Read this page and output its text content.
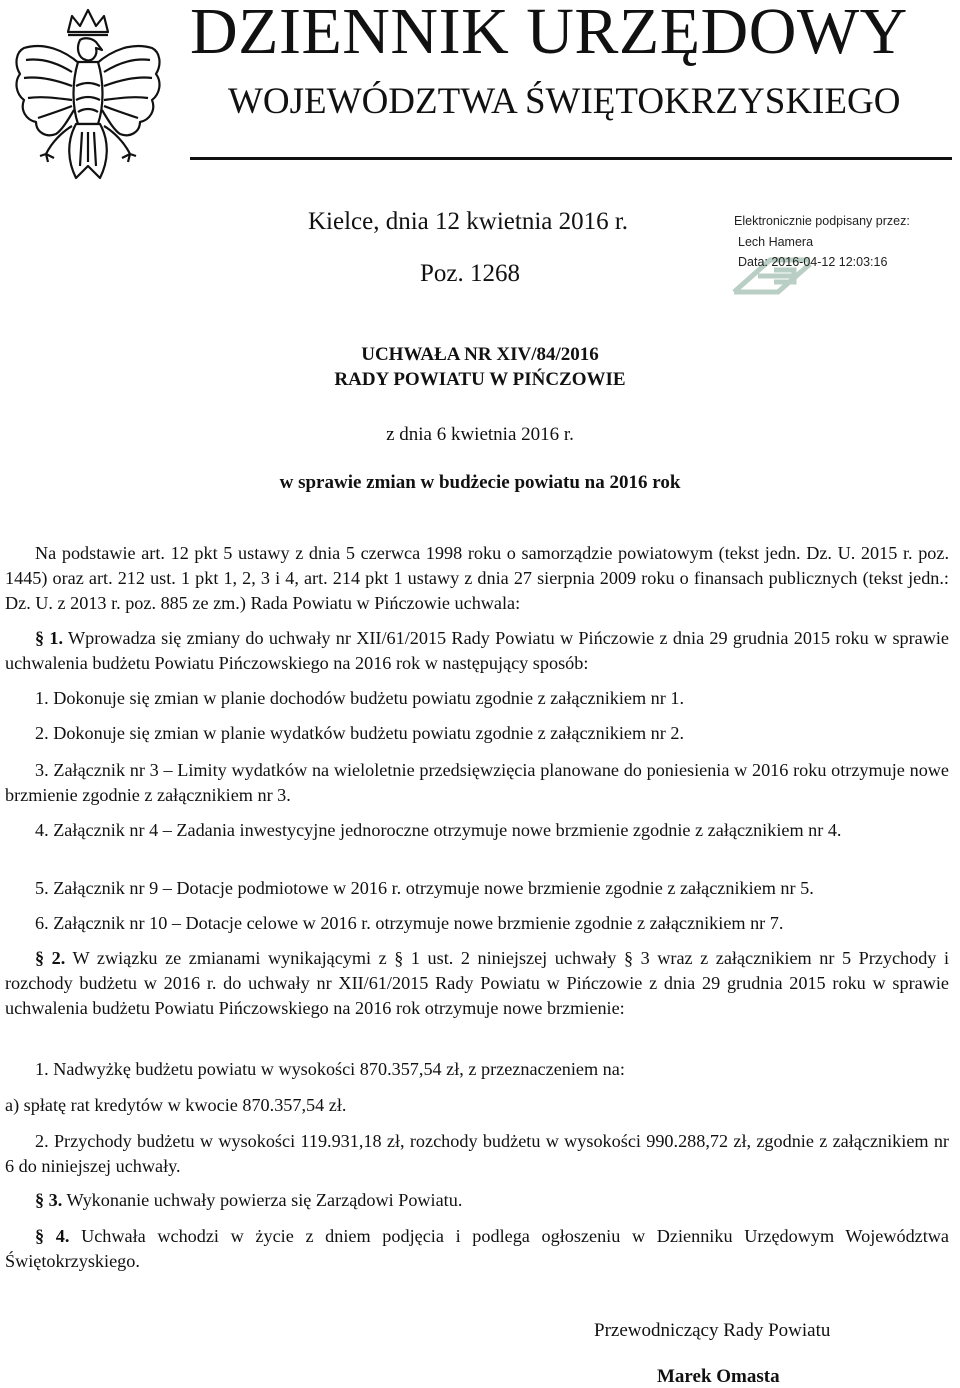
DZIENNIK URZĘDOWY
WOJEWÓDZTWA ŚWIĘTOKRZYSKIEGO
Kielce, dnia 12 kwietnia 2016 r.
Poz. 1268
Elektronicznie podpisany przez:
Lech Hamera
Data: 2016-04-12 12:03:16
UCHWAŁA NR XIV/84/2016
RADY POWIATU W PIŃCZOWIE
z dnia 6 kwietnia 2016 r.
w sprawie zmian w budżecie powiatu na 2016 rok
Na podstawie art. 12 pkt 5 ustawy z dnia 5 czerwca 1998 roku o samorządzie powiatowym (tekst jedn. Dz. U. 2015 r. poz. 1445) oraz art. 212 ust. 1 pkt 1, 2, 3 i 4, art. 214 pkt 1 ustawy z dnia 27 sierpnia 2009 roku o finansach publicznych (tekst jedn.: Dz. U. z 2013 r. poz. 885 ze zm.) Rada Powiatu w Pińczowie uchwala:
§ 1. Wprowadza się zmiany do uchwały nr XII/61/2015 Rady Powiatu w Pińczowie z dnia 29 grudnia 2015 roku w sprawie uchwalenia budżetu Powiatu Pińczowskiego na 2016 rok w następujący sposób:
1. Dokonuje się zmian w planie dochodów budżetu powiatu zgodnie z załącznikiem nr 1.
2. Dokonuje się zmian w planie wydatków budżetu powiatu zgodnie z załącznikiem nr 2.
3. Załącznik nr 3 – Limity wydatków na wieloletnie przedsięwzięcia planowane do poniesienia w 2016 roku otrzymuje nowe brzmienie zgodnie z załącznikiem nr 3.
4. Załącznik nr 4 – Zadania inwestycyjne jednoroczne otrzymuje nowe brzmienie zgodnie z załącznikiem nr 4.
5. Załącznik nr 9 – Dotacje podmiotowe w 2016 r. otrzymuje nowe brzmienie zgodnie z załącznikiem nr 5.
6. Załącznik nr 10 – Dotacje celowe w 2016 r. otrzymuje nowe brzmienie zgodnie z załącznikiem nr 7.
§ 2. W związku ze zmianami wynikającymi z § 1 ust. 2 niniejszej uchwały § 3 wraz z załącznikiem nr 5 Przychody i rozchody budżetu w 2016 r. do uchwały nr XII/61/2015 Rady Powiatu w Pińczowie z dnia 29 grudnia 2015 roku w sprawie uchwalenia budżetu Powiatu Pińczowskiego na 2016 rok otrzymuje nowe brzmienie:
1. Nadwyżkę budżetu powiatu w wysokości 870.357,54 zł, z przeznaczeniem na:
a) spłatę rat kredytów w kwocie 870.357,54 zł.
2. Przychody budżetu w wysokości 119.931,18 zł, rozchody budżetu w wysokości 990.288,72 zł, zgodnie z załącznikiem nr 6 do niniejszej uchwały.
§ 3. Wykonanie uchwały powierza się Zarządowi Powiatu.
§ 4. Uchwała wchodzi w życie z dniem podjęcia i podlega ogłoszeniu w Dzienniku Urzędowym Województwa Świętokrzyskiego.
Przewodniczący Rady Powiatu
Marek Omasta
